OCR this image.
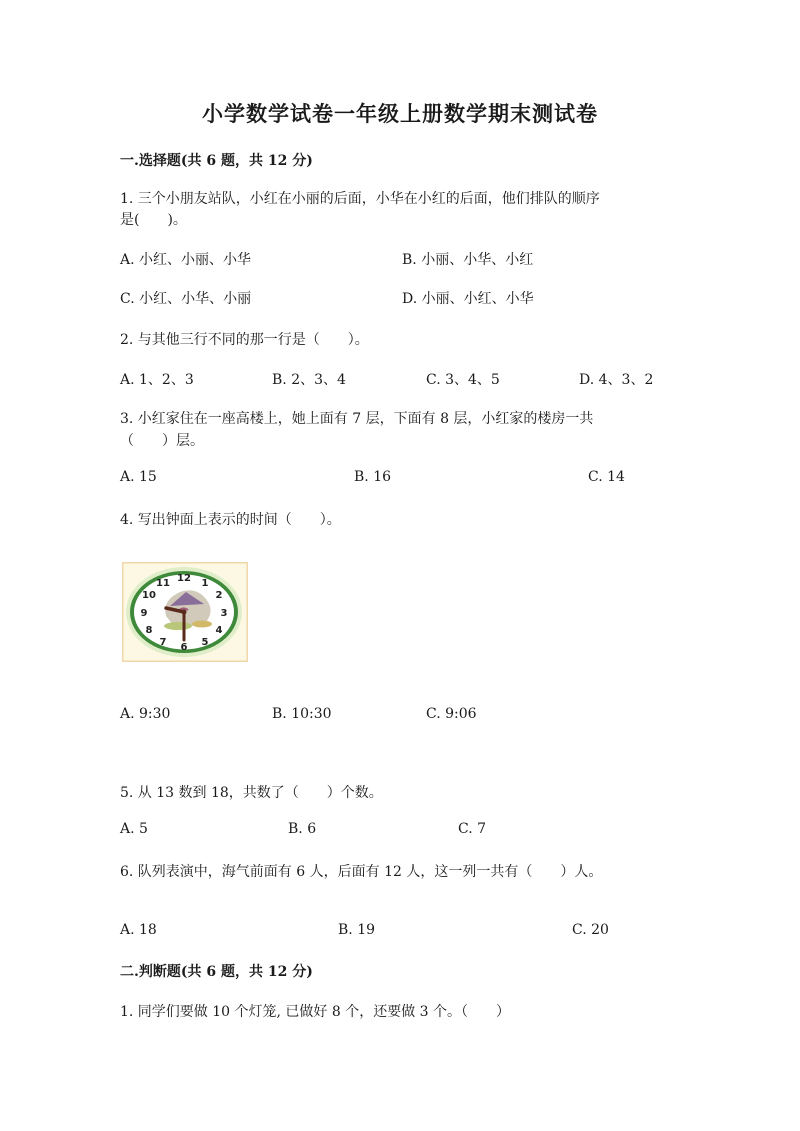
小学数学试卷一年级上册数学期末测试卷
一.选择题(共 6 题，共 12 分)
1. 三个小朋友站队，小红在小丽的后面，小华在小红的后面，他们排队的顺序
是(　　)。
A. 小红、小丽、小华	B. 小丽、小华、小红
C. 小红、小华、小丽	D. 小丽、小红、小华
2. 与其他三行不同的那一行是（　　）。
A. 1、2、3	B. 2、3、4	C. 3、4、5	D. 4、3、2
3. 小红家住在一座高楼上，她上面有 7 层，下面有 8 层，小红家的楼房一共
（　　）层。
A. 15	B. 16	C. 14
4. 写出钟面上表示的时间（　　）。
12 1
2
3
4
5
6
7
8
9
10
11
A. 9:30	B. 10:30	C. 9:06
5. 从 13 数到 18，共数了（　　）个数。
A. 5	B. 6	C. 7
6. 队列表演中，海气前面有 6 人，后面有 12 人，这一列一共有（　　）人。
A. 18	B. 19	C. 20
二.判断题(共 6 题，共 12 分)
1. 同学们要做 10 个灯笼, 已做好 8 个，还要做 3 个。（　　）
